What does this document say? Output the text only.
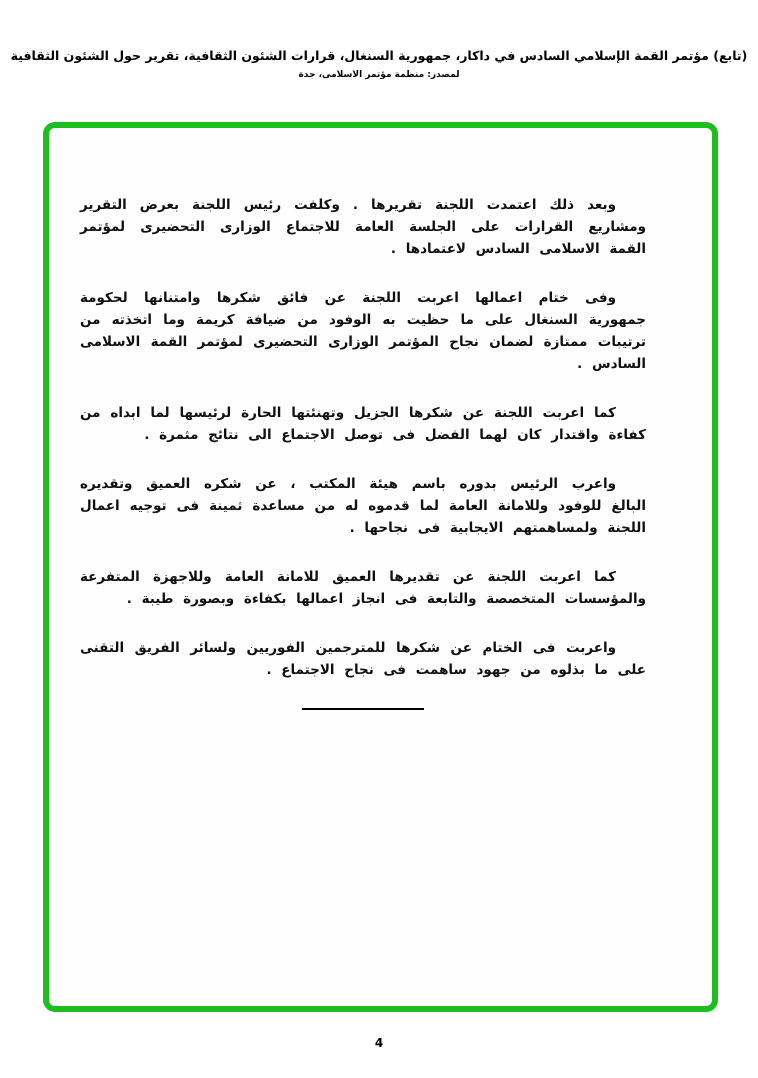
(تابع) مؤتمر القمة الإسلامي السادس في داكار، جمهورية السنغال، قرارات الشئون الثقافية، تقرير حول الشئون الثقافية
لمصدر: منظمة مؤتمر الاسلامى، جدة

وبعد ذلك اعتمدت اللجنة تقريرها . وكلفت رئيس اللجنة بعرض التقرير ومشاريع القرارات على الجلسة العامة للاجتماع الوزارى التحضيرى لمؤتمر القمة الاسلامى السادس لاعتمادها .

وفى ختام اعمالها اعربت اللجنة عن فائق شكرها وامتنانها لحكومة جمهورية السنغال على ما حظيت به الوفود من ضيافة كريمة وما اتخذته من ترتيبات ممتازة لضمان نجاح المؤتمر الوزارى التحضيرى لمؤتمر القمة الاسلامى السادس .

كما اعربت اللجنة عن شكرها الجزيل وتهنئتها الحارة لرئيسها لما ابداه من كفاءة واقتدار كان لهما الفضل فى توصل الاجتماع الى نتائج مثمرة .

واعرب الرئيس بدوره باسم هيئة المكتب ، عن شكره العميق وتقديره البالغ للوفود وللامانة العامة لما قدموه له من مساعدة ثمينة فى توجيه اعمال اللجنة ولمساهمتهم الايجابية فى نجاحها .

كما اعربت اللجنة عن تقديرها العميق للامانة العامة وللاجهزة المتفرعة والمؤسسات المتخصصة والتابعة فى انجاز اعمالها بكفاءة وبصورة طيبة .

واعربت فى الختام عن شكرها للمترجمين الفوريين ولسائر الفريق التقنى على ما بذلوه من جهود ساهمت فى نجاح الاجتماع .

4
